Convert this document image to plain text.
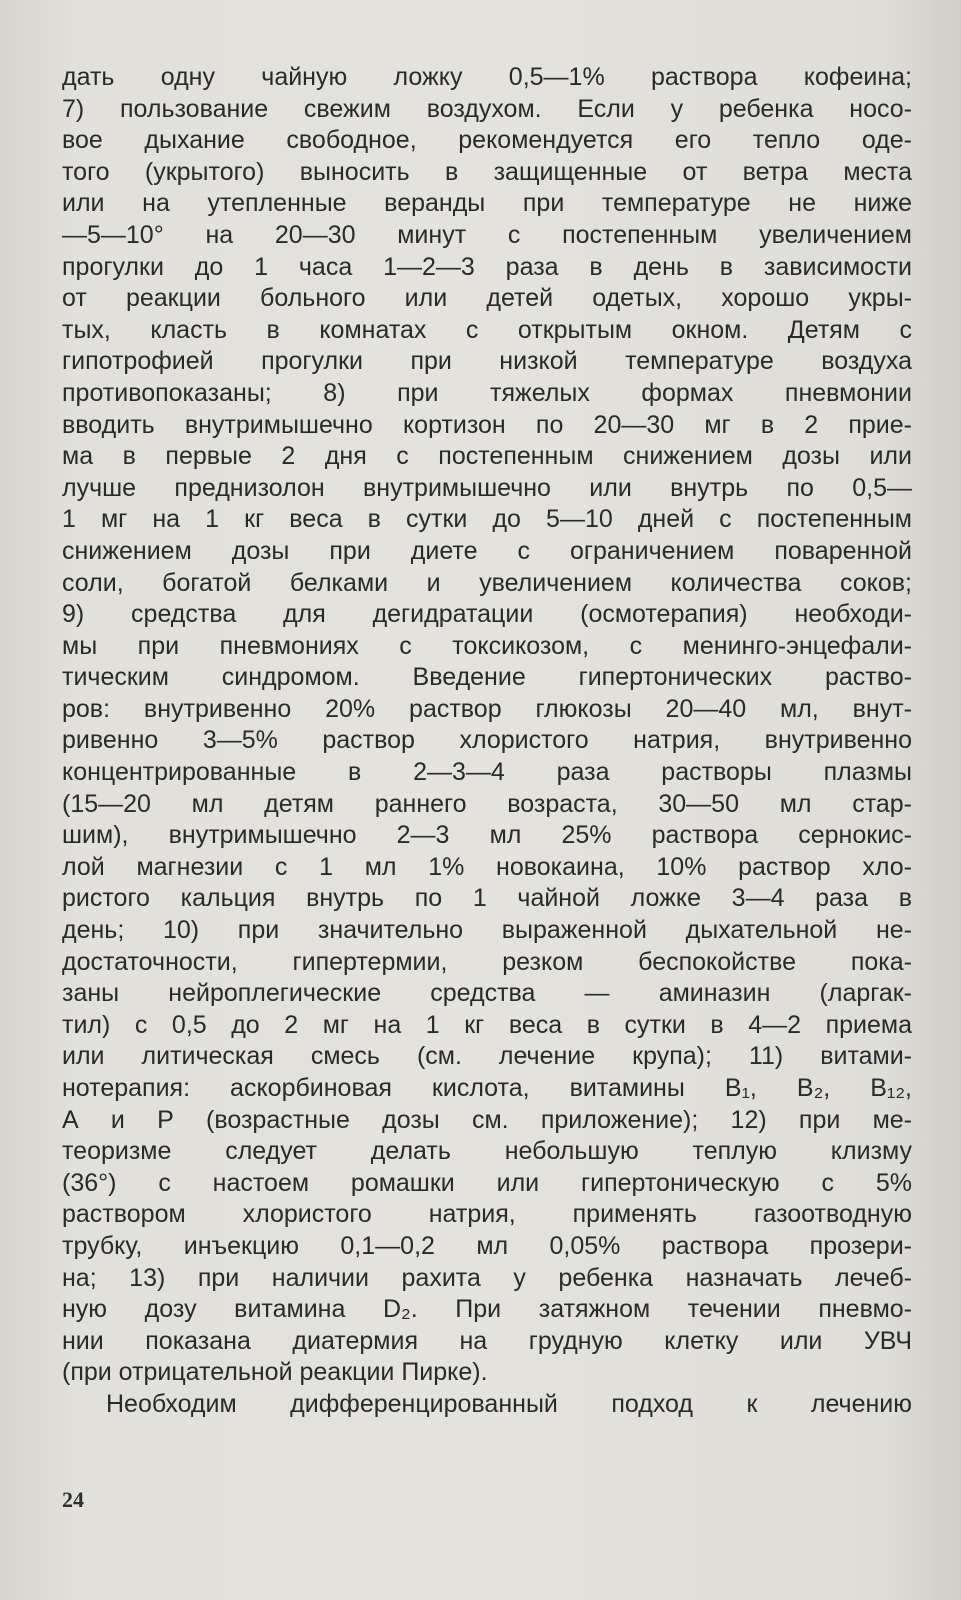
дать одну чайную ложку 0,5—1% раствора кофеина;
7) пользование свежим воздухом. Если у ребенка носо-
вое дыхание свободное, рекомендуется его тепло оде-
того (укрытого) выносить в защищенные от ветра места
или на утепленные веранды при температуре не ниже
—5—10° на 20—30 минут с постепенным увеличением
прогулки до 1 часа 1—2—3 раза в день в зависимости
от реакции больного или детей одетых, хорошо укры-
тых, класть в комнатах с открытым окном. Детям с
гипотрофией прогулки при низкой температуре воздуха
противопоказаны; 8) при тяжелых формах пневмонии
вводить внутримышечно кортизон по 20—30 мг в 2 прие-
ма в первые 2 дня с постепенным снижением дозы или
лучше преднизолон внутримышечно или внутрь по 0,5—
1 мг на 1 кг веса в сутки до 5—10 дней с постепенным
снижением дозы при диете с ограничением поваренной
соли, богатой белками и увеличением количества соков;
9) средства для дегидратации (осмотерапия) необходи-
мы при пневмониях с токсикозом, с менинго-энцефали-
тическим синдромом. Введение гипертонических раство-
ров: внутривенно 20% раствор глюкозы 20—40 мл, внут-
ривенно 3—5% раствор хлористого натрия, внутривенно
концентрированные в 2—3—4 раза растворы плазмы
(15—20 мл детям раннего возраста, 30—50 мл стар-
шим), внутримышечно 2—3 мл 25% раствора сернокис-
лой магнезии с 1 мл 1% новокаина, 10% раствор хло-
ристого кальция внутрь по 1 чайной ложке 3—4 раза в
день; 10) при значительно выраженной дыхательной не-
достаточности, гипертермии, резком беспокойстве пока-
заны нейроплегические средства — аминазин (ларгак-
тил) с 0,5 до 2 мг на 1 кг веса в сутки в 4—2 приема
или литическая смесь (см. лечение крупа); 11) витами-
нотерапия: аскорбиновая кислота, витамины B₁, B₂, B₁₂,
А и Р (возрастные дозы см. приложение); 12) при ме-
теоризме следует делать небольшую теплую клизму
(36°) с настоем ромашки или гипертоническую с 5%
раствором хлористого натрия, применять газоотводную
трубку, инъекцию 0,1—0,2 мл 0,05% раствора прозери-
на; 13) при наличии рахита у ребенка назначать лечеб-
ную дозу витамина D₂. При затяжном течении пневмо-
нии показана диатермия на грудную клетку или УВЧ
(при отрицательной реакции Пирке).
Необходим дифференцированный подход к лечению
24
